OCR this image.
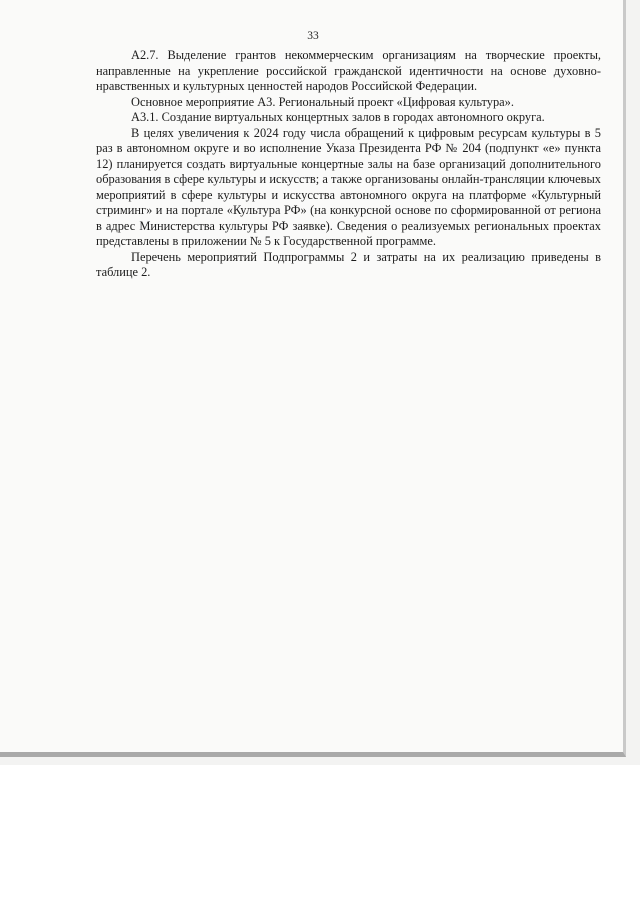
33

А2.7. Выделение грантов некоммерческим организациям на творческие проекты, направленные на укрепление российской гражданской идентичности на основе духовно-нравственных и культурных ценностей народов Российской Федерации.

Основное мероприятие А3. Региональный проект «Цифровая культура».

А3.1. Создание виртуальных концертных залов в городах автономного округа.

В целях увеличения к 2024 году числа обращений к цифровым ресурсам культуры в 5 раз в автономном округе и во исполнение Указа Президента РФ № 204 (подпункт «е» пункта 12) планируется создать виртуальные концертные залы на базе организаций дополнительного образования в сфере культуры и искусств; а также организованы онлайн-трансляции ключевых мероприятий в сфере культуры и искусства автономного округа на платформе «Культурный стриминг» и на портале «Культура РФ» (на конкурсной основе по сформированной от региона в адрес Министерства культуры РФ заявке). Сведения о реализуемых региональных проектах представлены в приложении № 5 к Государственной программе.

Перечень мероприятий Подпрограммы 2 и затраты на их реализацию приведены в таблице 2.
